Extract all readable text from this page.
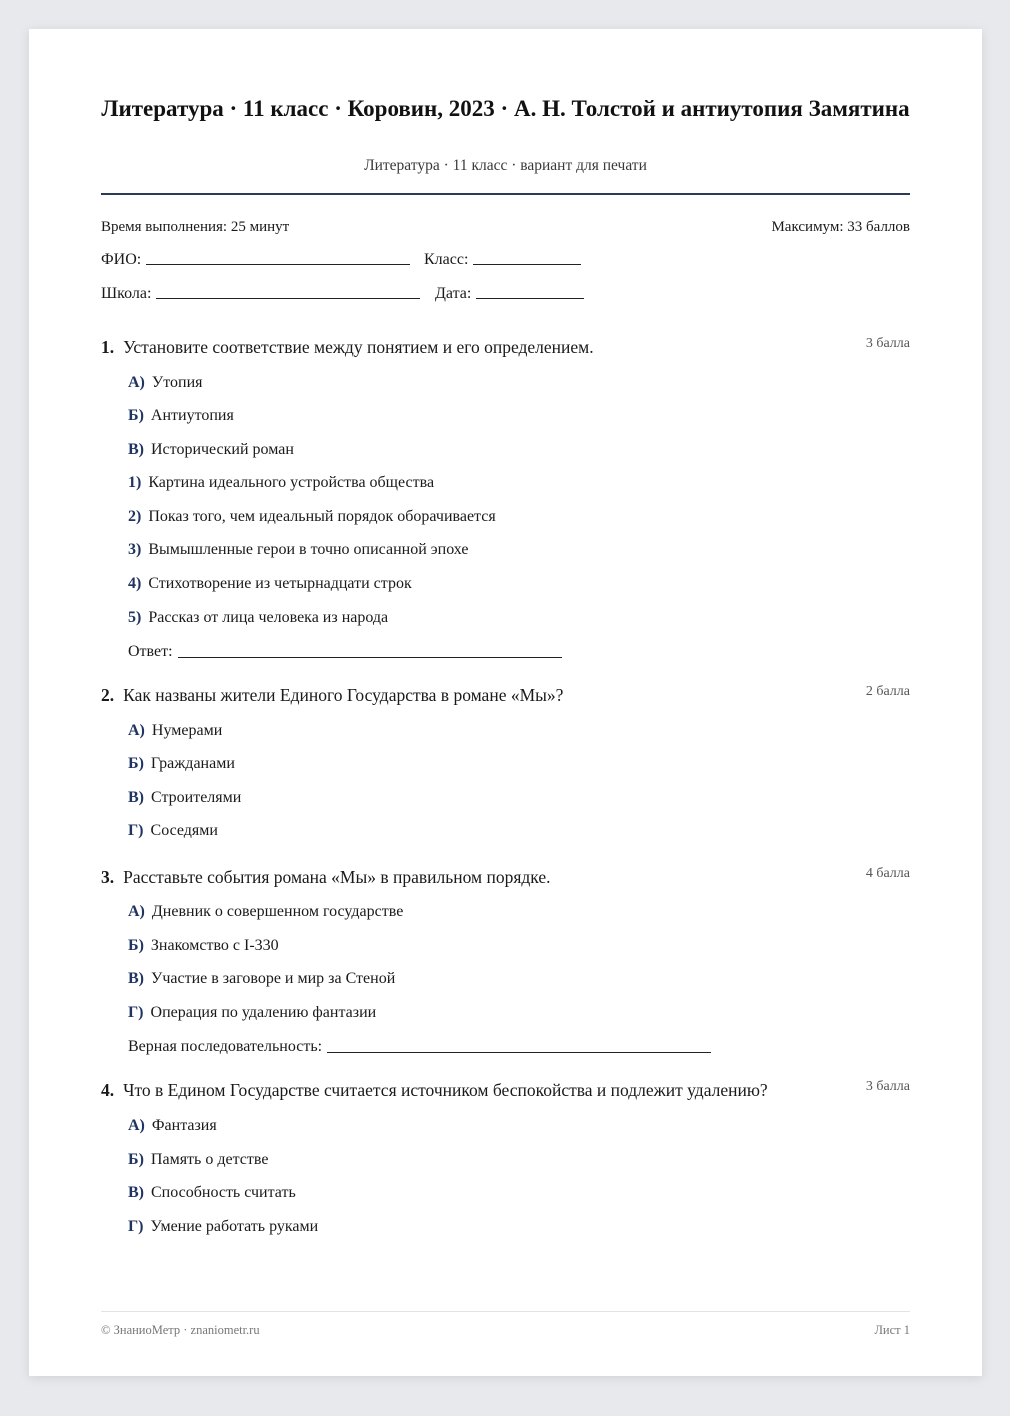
Литература · 11 класс · Коровин, 2023 · А. Н. Толстой и антиутопия Замятина
Литература · 11 класс · вариант для печати
Время выполнения: 25 минут	Максимум: 33 баллов
ФИО:	Класс:
Школа:	Дата:
1. Установите соответствие между понятием и его определением.	3 балла
А) Утопия
Б) Антиутопия
В) Исторический роман
1) Картина идеального устройства общества
2) Показ того, чем идеальный порядок оборачивается
3) Вымышленные герои в точно описанной эпохе
4) Стихотворение из четырнадцати строк
5) Рассказ от лица человека из народа
Ответ:
2. Как названы жители Единого Государства в романе «Мы»?	2 балла
А) Нумерами
Б) Гражданами
В) Строителями
Г) Соседями
3. Расставьте события романа «Мы» в правильном порядке.	4 балла
А) Дневник о совершенном государстве
Б) Знакомство с I-330
В) Участие в заговоре и мир за Стеной
Г) Операция по удалению фантазии
Верная последовательность:
4. Что в Едином Государстве считается источником беспокойства и подлежит удалению?	3 балла
А) Фантазия
Б) Память о детстве
В) Способность считать
Г) Умение работать руками
© ЗнаниоМетр · znaniometr.ru	Лист 1
